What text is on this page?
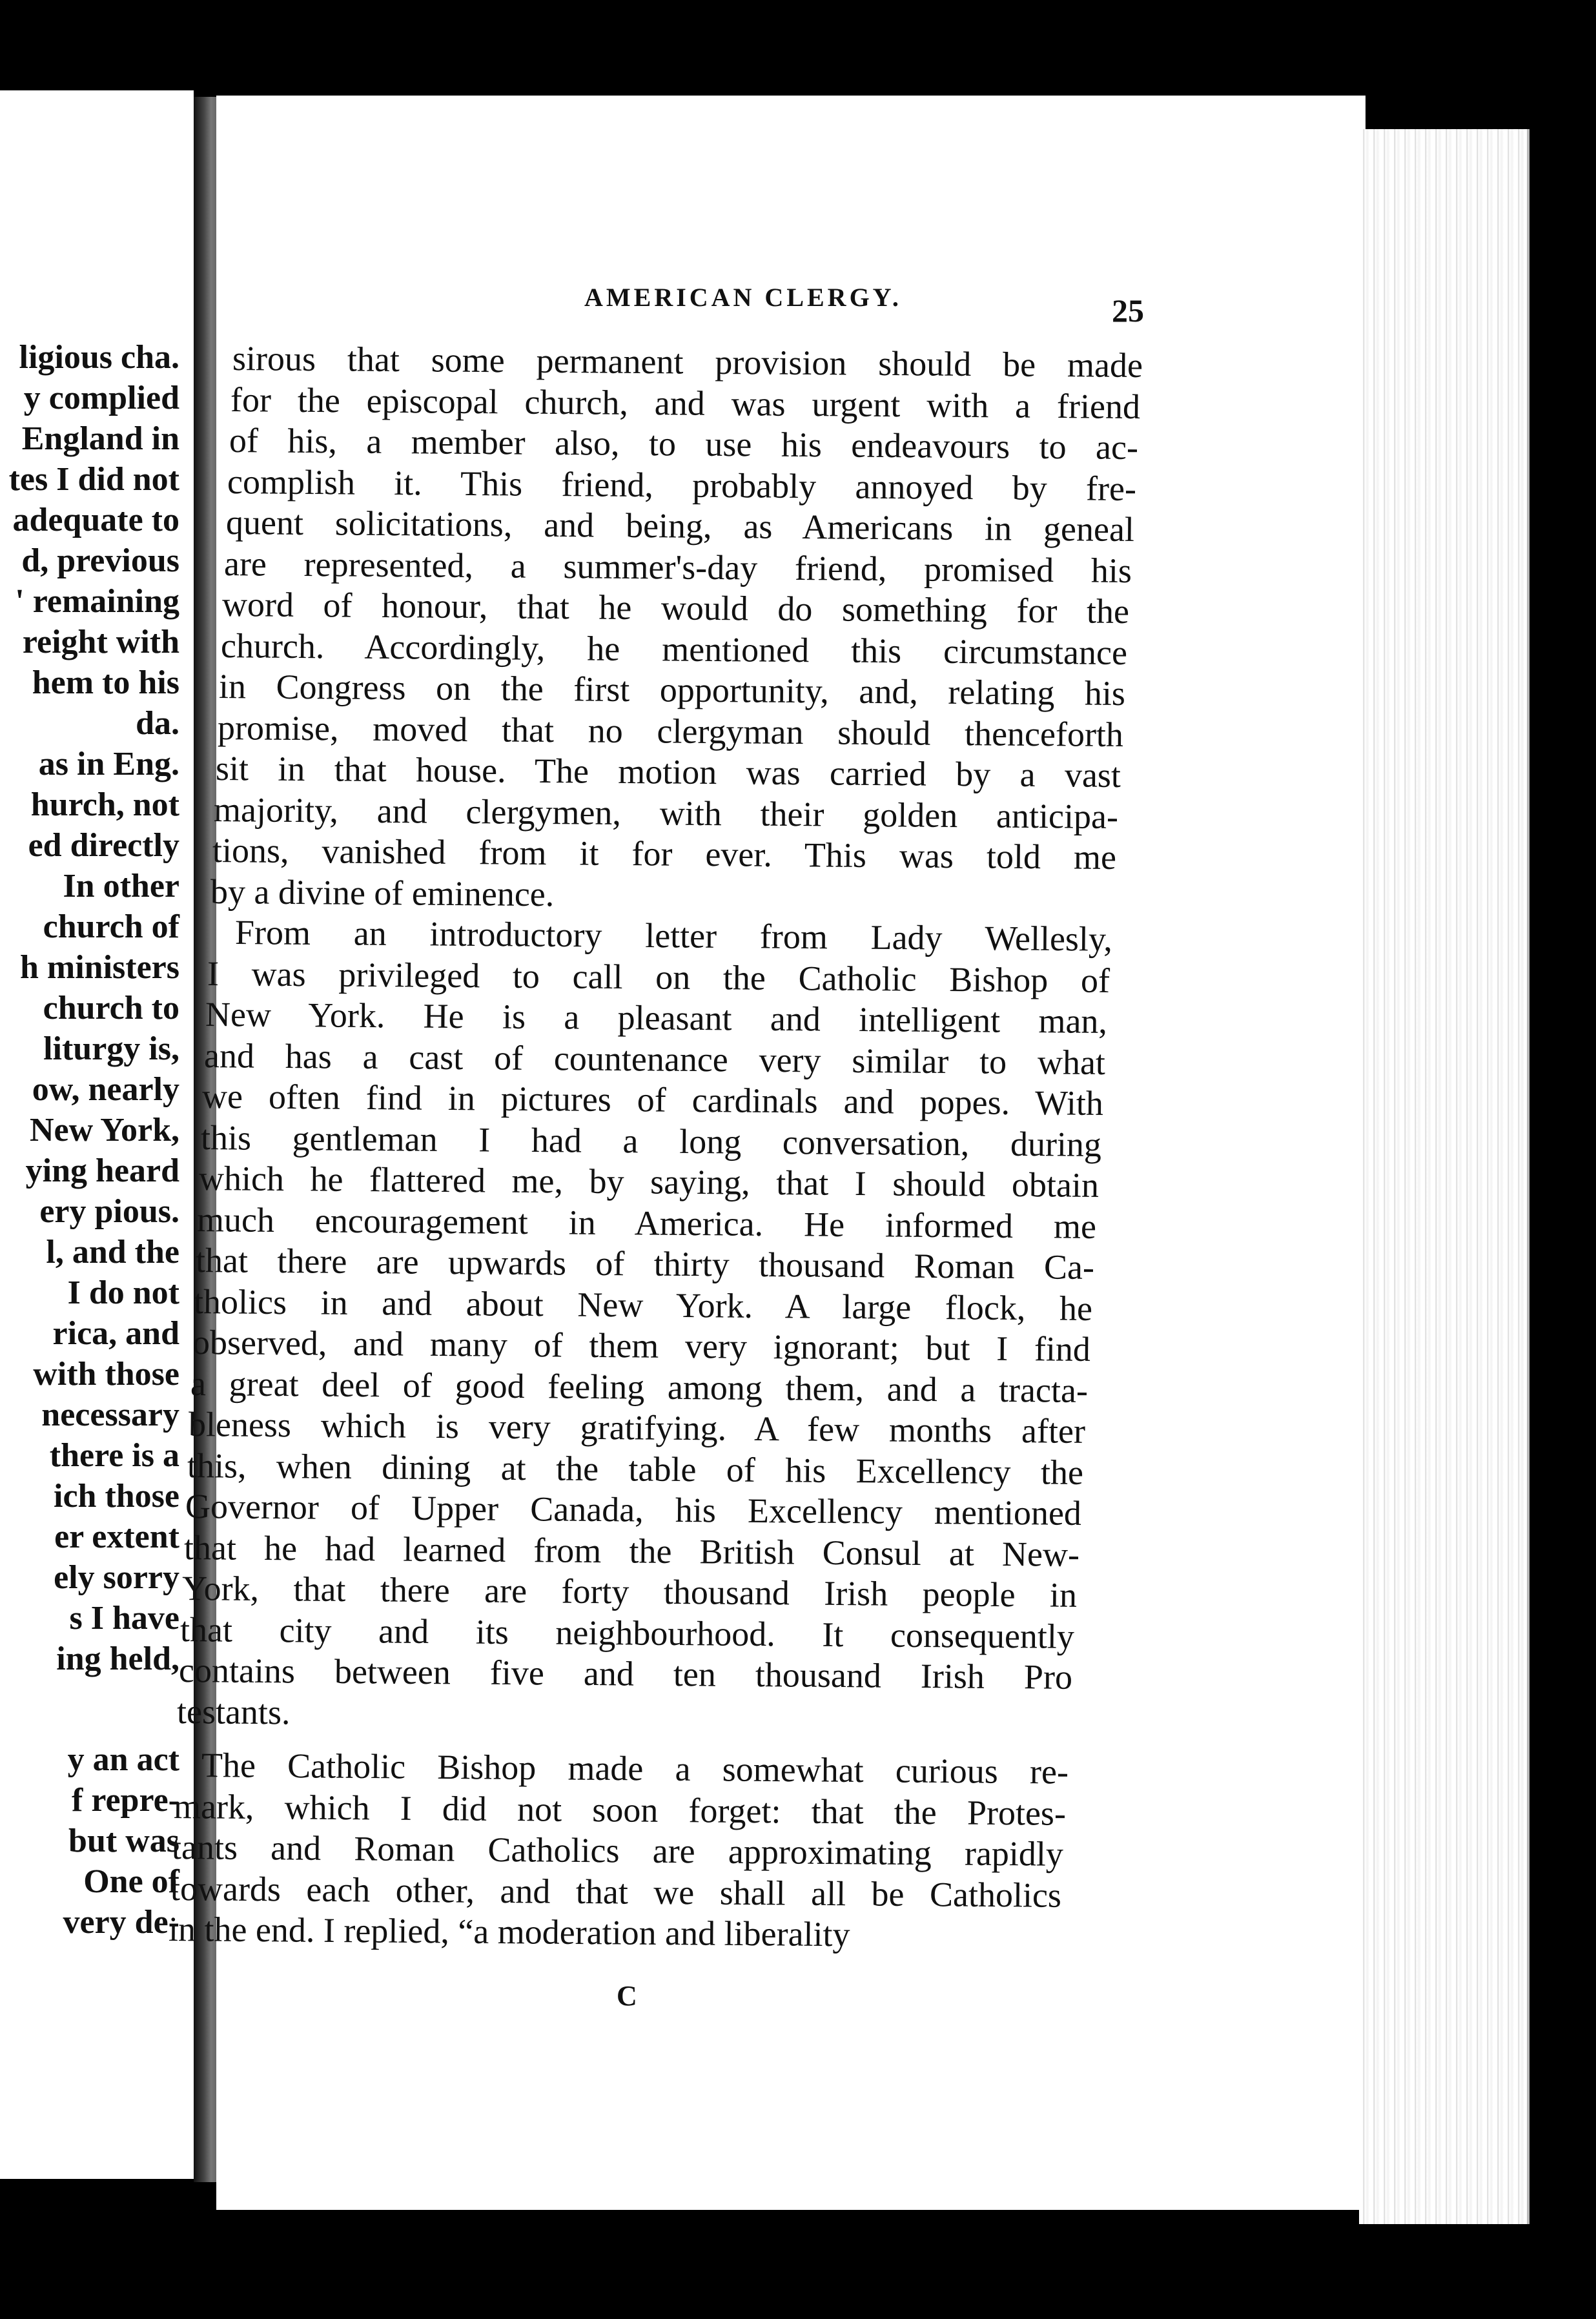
ligious cha.
y complied
England in
tes I did not
adequate to
d, previous
' remaining
reight with
hem to his
da.
as in Eng.
hurch, not
ed directly
In other
church of
h ministers
church to
liturgy is,
ow, nearly
New York,
ying heard
ery pious.
l, and the
I do not
rica, and
with those
necessary
there is a
ich those
er extent
ely sorry
s I have
ing held,
y an act
f repre-
but was
One of
very de-
AMERICAN CLERGY.	25
sirous that some permanent provision should be made
for the episcopal church, and was urgent with a friend
of his, a member also, to use his endeavours to ac-
complish it. This friend, probably annoyed by fre-
quent solicitations, and being, as Americans in geneal
are represented, a summer's-day friend, promised his
word of honour, that he would do something for the
church. Accordingly, he mentioned this circumstance
in Congress on the first opportunity, and, relating his
promise, moved that no clergyman should thenceforth
sit in that house. The motion was carried by a vast
majority, and clergymen, with their golden anticipa-
tions, vanished from it for ever. This was told me
by a divine of eminence.
From an introductory letter from Lady Wellesly,
I was privileged to call on the Catholic Bishop of
New York. He is a pleasant and intelligent man,
and has a cast of countenance very similar to what
we often find in pictures of cardinals and popes. With
this gentleman I had a long conversation, during
which he flattered me, by saying, that I should obtain
much encouragement in America. He informed me
that there are upwards of thirty thousand Roman Ca-
tholics in and about New York. A large flock, he
observed, and many of them very ignorant; but I find
a great deel of good feeling among them, and a tracta-
bleness which is very gratifying. A few months after
this, when dining at the table of his Excellency the
Governor of Upper Canada, his Excellency mentioned
that he had learned from the British Consul at New-
York, that there are forty thousand Irish people in
that city and its neighbourhood. It consequently
contains between five and ten thousand Irish Pro
testants.
The Catholic Bishop made a somewhat curious re-
mark, which I did not soon forget: that the Protes-
tants and Roman Catholics are approximating rapidly
towards each other, and that we shall all be Catholics
in the end. I replied, “a moderation and liberality
C
